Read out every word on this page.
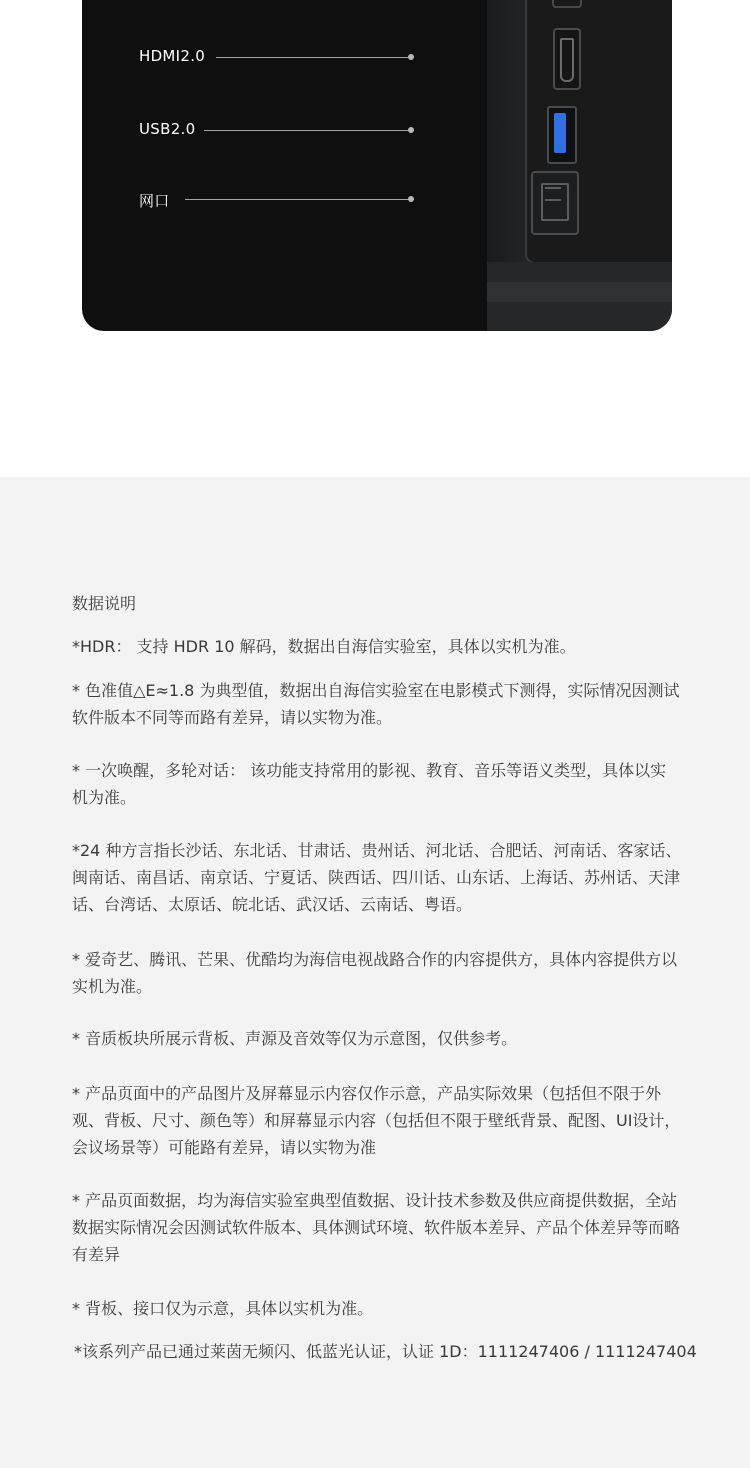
HDMI2.0
USB2.0
网口
数据说明
*HDR： 支持 HDR 10 解码，数据出自海信实验室，具体以实机为准。
* 色准值△E≈1.8 为典型值，数据出自海信实验室在电影模式下测得，实际情况因测试软件版本不同等而路有差异，请以实物为准。
* 一次唤醒，多轮对话： 该功能支持常用的影视、教育、音乐等语义类型，具体以实机为准。
*24 种方言指长沙话、东北话、甘肃话、贵州话、河北话、合肥话、河南话、客家话、闽南话、南昌话、南京话、宁夏话、陕西话、四川话、山东话、上海话、苏州话、天津话、台湾话、太原话、皖北话、武汉话、云南话、粤语。
* 爱奇艺、腾讯、芒果、优酷均为海信电视战路合作的内容提供方，具体内容提供方以实机为准。
* 音质板块所展示背板、声源及音效等仅为示意图，仅供参考。
* 产品页面中的产品图片及屏幕显示内容仅作示意，产品实际效果（包括但不限于外观、背板、尺寸、颜色等）和屏幕显示内容（包括但不限于壁纸背景、配图、UI设计，会议场景等）可能路有差异，请以实物为准
* 产品页面数据，均为海信实验室典型值数据、设计技术参数及供应商提供数据，全站数据实际情况会因测试软件版本、具体测试环境、软件版本差异、产品个体差异等而略有差异
* 背板、接口仅为示意，具体以实机为准。
*该系列产品已通过莱茵无频闪、低蓝光认证，认证 1D：1111247406 / 1111247404
